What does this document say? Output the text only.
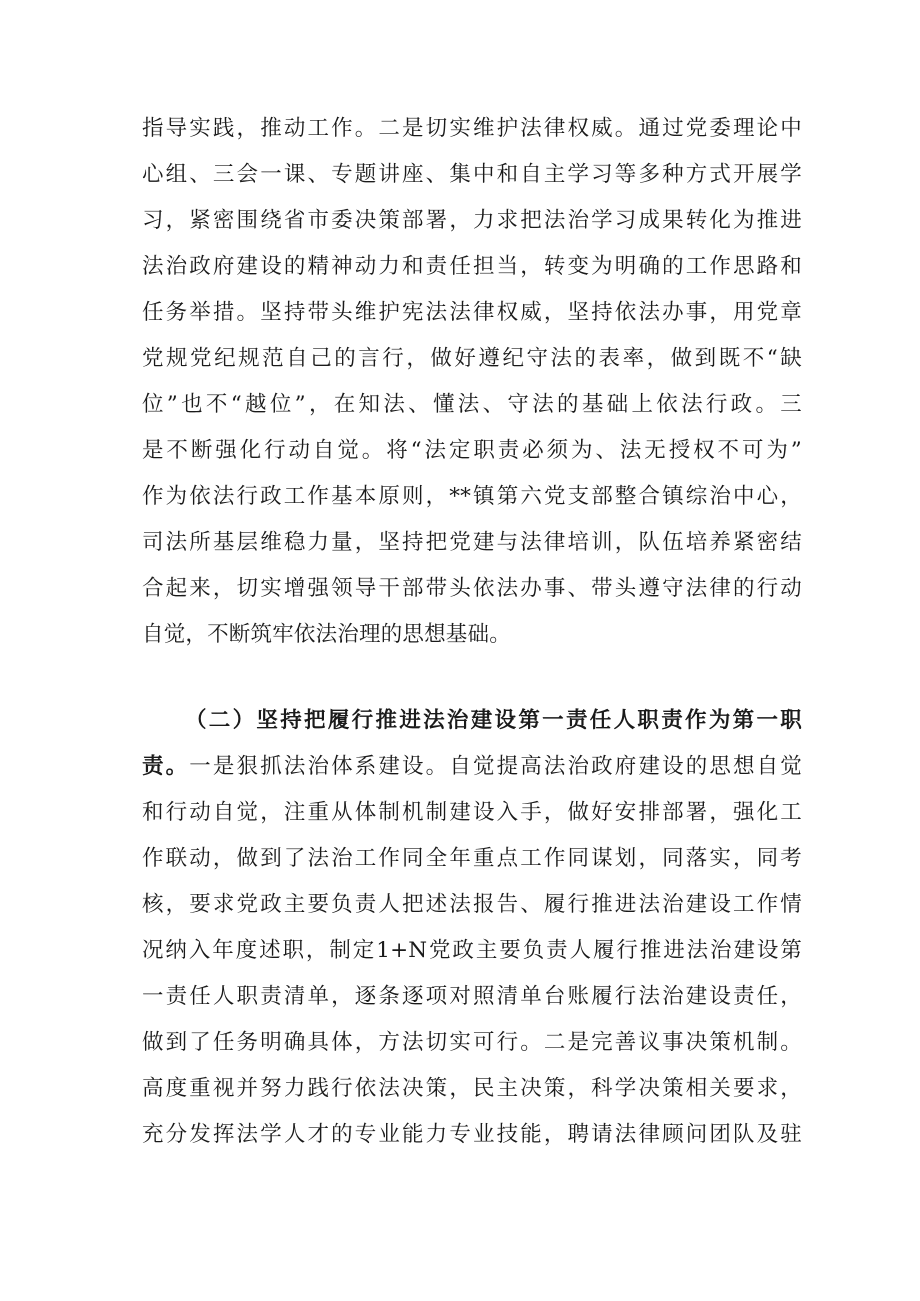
指导实践，推动工作。二是切实维护法律权威。通过党委理论中
心组、三会一课、专题讲座、集中和自主学习等多种方式开展学
习，紧密围绕省市委决策部署，力求把法治学习成果转化为推进
法治政府建设的精神动力和责任担当，转变为明确的工作思路和
任务举措。坚持带头维护宪法法律权威，坚持依法办事，用党章
党规党纪规范自己的言行，做好遵纪守法的表率，做到既不“缺
位”也不“越位”，在知法、懂法、守法的基础上依法行政。三
是不断强化行动自觉。将“法定职责必须为、法无授权不可为”
作为依法行政工作基本原则，**镇第六党支部整合镇综治中心，
司法所基层维稳力量，坚持把党建与法律培训，队伍培养紧密结
合起来，切实增强领导干部带头依法办事、带头遵守法律的行动
自觉，不断筑牢依法治理的思想基础。
（二）坚持把履行推进法治建设第一责任人职责作为第一职
责。一是狠抓法治体系建设。自觉提高法治政府建设的思想自觉
和行动自觉，注重从体制机制建设入手，做好安排部署，强化工
作联动，做到了法治工作同全年重点工作同谋划，同落实，同考
核，要求党政主要负责人把述法报告、履行推进法治建设工作情
况纳入年度述职，制定1+N党政主要负责人履行推进法治建设第
一责任人职责清单，逐条逐项对照清单台账履行法治建设责任，
做到了任务明确具体，方法切实可行。二是完善议事决策机制。
高度重视并努力践行依法决策，民主决策，科学决策相关要求，
充分发挥法学人才的专业能力专业技能，聘请法律顾问团队及驻
